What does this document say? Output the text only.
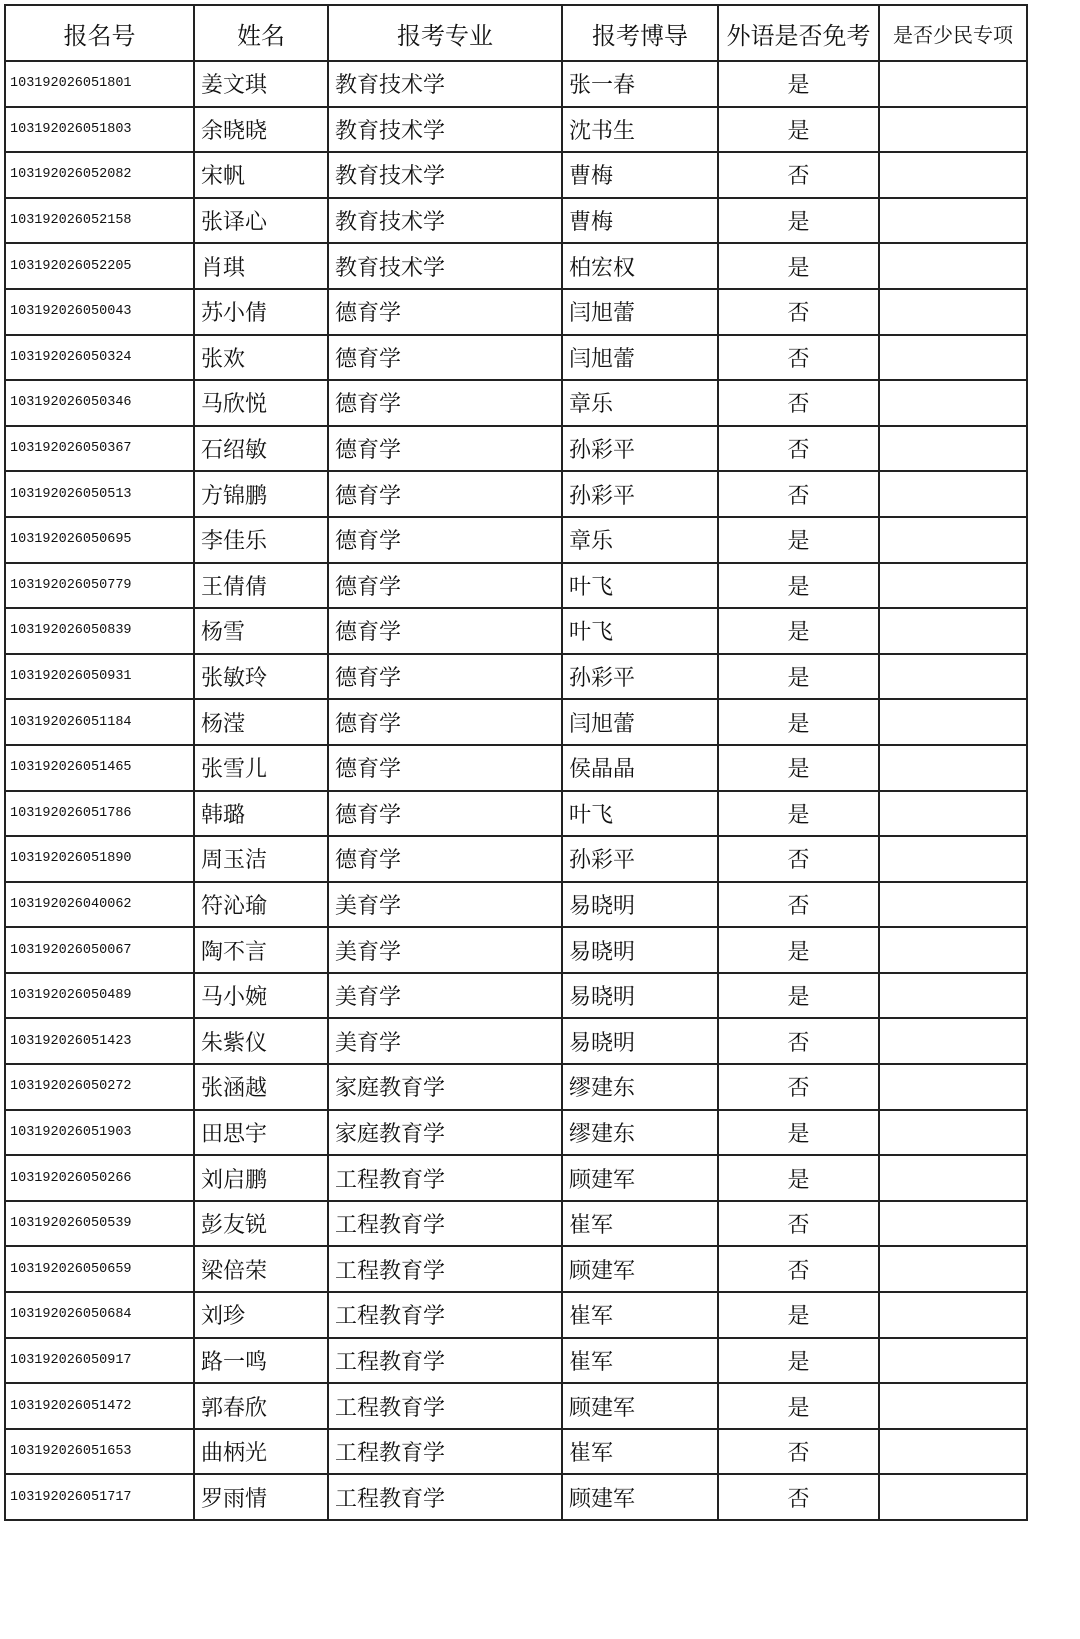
报名号	姓名	报考专业	报考博导	外语是否免考	是否少民专项
103192026051801	姜文琪	教育技术学	张一春	是	
103192026051803	余晓晓	教育技术学	沈书生	是	
103192026052082	宋帆	教育技术学	曹梅	否	
103192026052158	张译心	教育技术学	曹梅	是	
103192026052205	肖琪	教育技术学	柏宏权	是	
103192026050043	苏小倩	德育学	闫旭蕾	否	
103192026050324	张欢	德育学	闫旭蕾	否	
103192026050346	马欣悦	德育学	章乐	否	
103192026050367	石绍敏	德育学	孙彩平	否	
103192026050513	方锦鹏	德育学	孙彩平	否	
103192026050695	李佳乐	德育学	章乐	是	
103192026050779	王倩倩	德育学	叶飞	是	
103192026050839	杨雪	德育学	叶飞	是	
103192026050931	张敏玲	德育学	孙彩平	是	
103192026051184	杨滢	德育学	闫旭蕾	是	
103192026051465	张雪儿	德育学	侯晶晶	是	
103192026051786	韩璐	德育学	叶飞	是	
103192026051890	周玉洁	德育学	孙彩平	否	
103192026040062	符沁瑜	美育学	易晓明	否	
103192026050067	陶不言	美育学	易晓明	是	
103192026050489	马小婉	美育学	易晓明	是	
103192026051423	朱紫仪	美育学	易晓明	否	
103192026050272	张涵越	家庭教育学	缪建东	否	
103192026051903	田思宇	家庭教育学	缪建东	是	
103192026050266	刘启鹏	工程教育学	顾建军	是	
103192026050539	彭友锐	工程教育学	崔军	否	
103192026050659	梁倍荣	工程教育学	顾建军	否	
103192026050684	刘珍	工程教育学	崔军	是	
103192026050917	路一鸣	工程教育学	崔军	是	
103192026051472	郭春欣	工程教育学	顾建军	是	
103192026051653	曲柄光	工程教育学	崔军	否	
103192026051717	罗雨情	工程教育学	顾建军	否	
